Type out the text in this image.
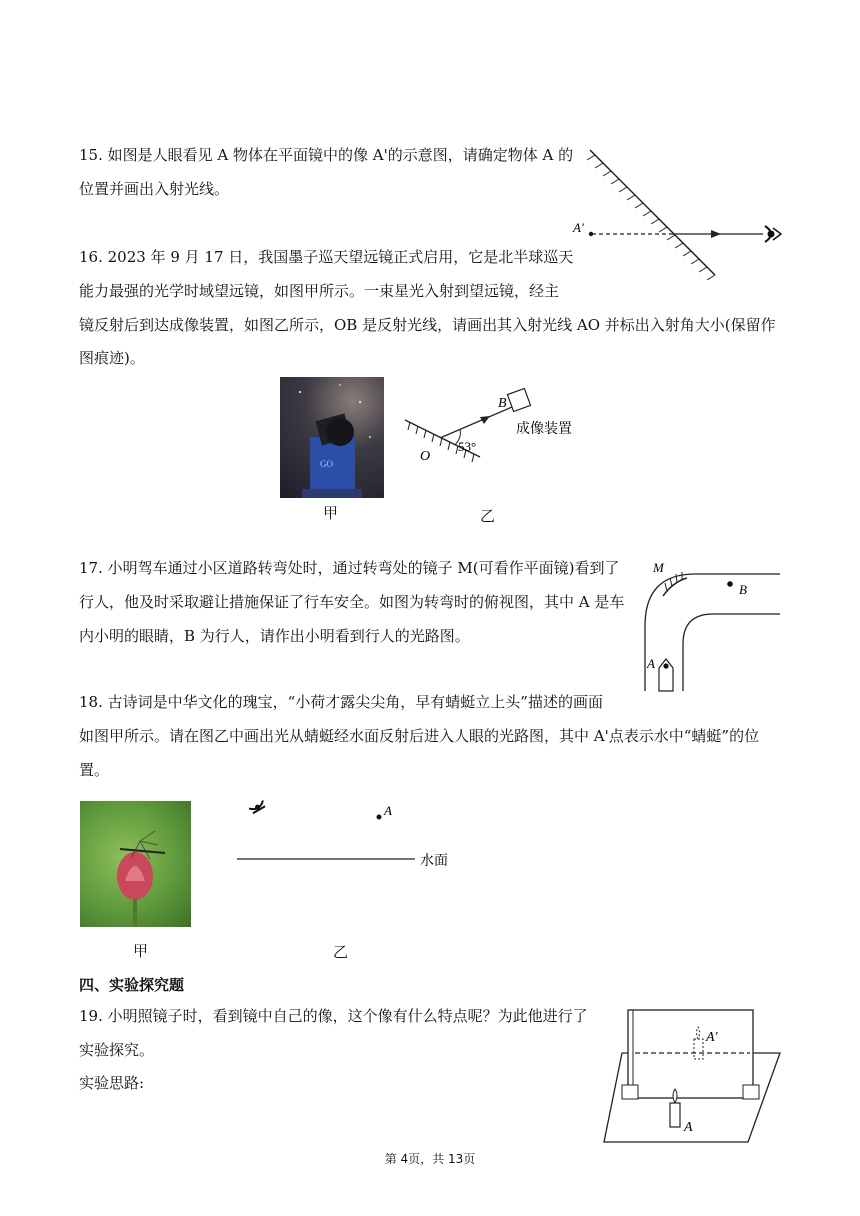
15. 如图是人眼看见 A 物体在平面镜中的像 A'的示意图，请确定物体 A 的
位置并画出入射光线。
A'
16. 2023 年 9 月 17 日，我国墨子巡天望远镜正式启用，它是北半球巡天
能力最强的光学时域望远镜，如图甲所示。一束星光入射到望远镜，经主
镜反射后到达成像装置，如图乙所示，OB 是反射光线，请画出其入射光线 AO 并标出入射角大小(保留作
图痕迹)。
GO	O
B
53°
成像装置
甲	乙
17. 小明驾车通过小区道路转弯处时，通过转弯处的镜子 M(可看作平面镜)看到了
行人，他及时采取避让措施保证了行车安全。如图为转弯时的俯视图，其中 A 是车
内小明的眼睛，B 为行人，请作出小明看到行人的光路图。
M
B
A
18. 古诗词是中华文化的瑰宝，“小荷才露尖尖角，早有蜻蜓立上头”描述的画面
如图甲所示。请在图乙中画出光从蜻蜓经水面反射后进入人眼的光路图，其中 A'点表示水中“蜻蜓”的位
置。
A
水面
甲	乙
四、实验探究题
19. 小明照镜子时，看到镜中自己的像，这个像有什么特点呢？为此他进行了
实验探究。
实验思路:
A'
A
第 4页，共 13页
